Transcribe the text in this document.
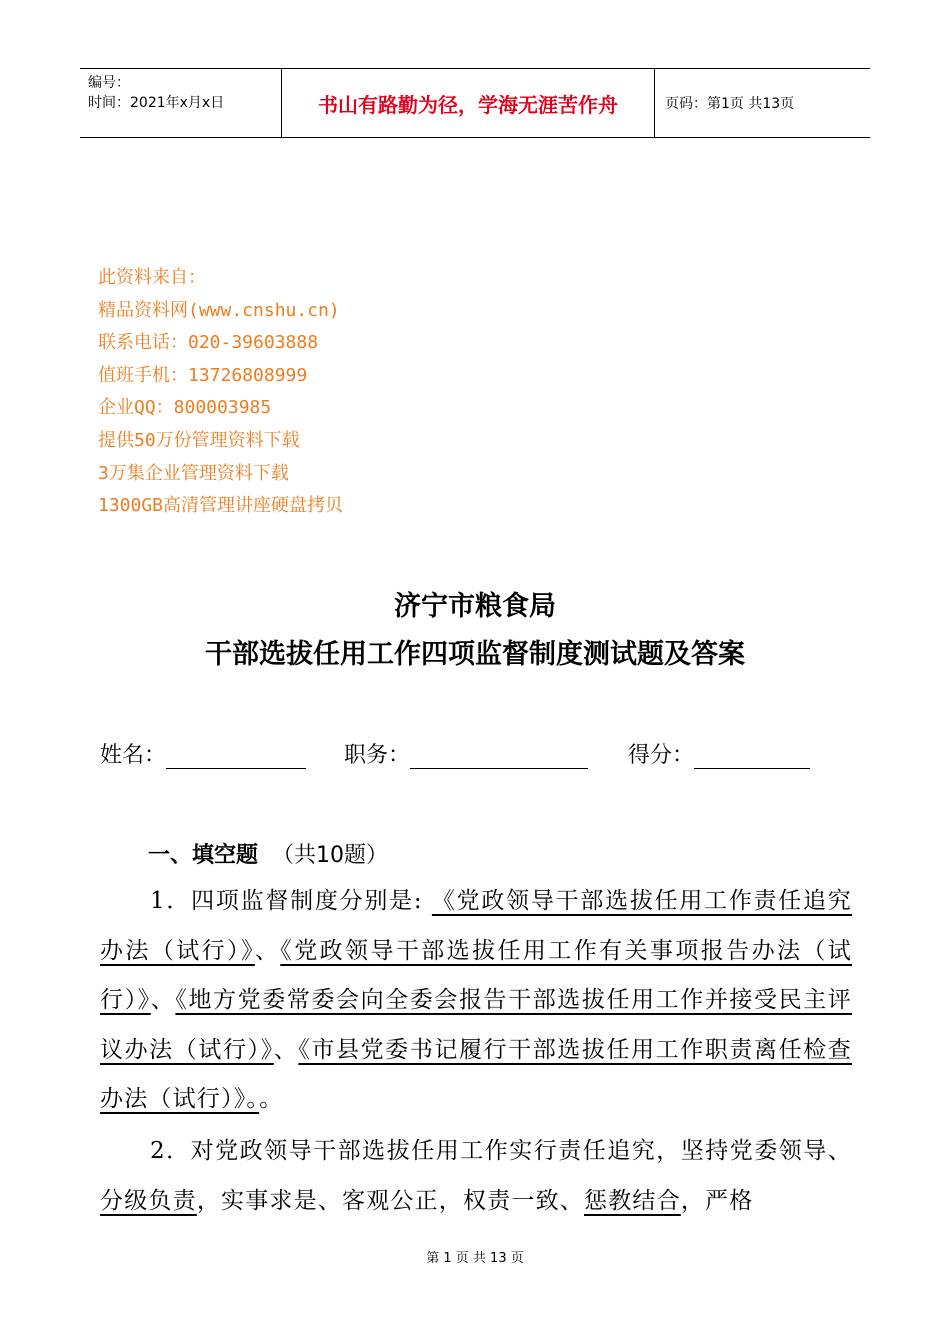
编号：
时间：2021年x月x日	书山有路勤为径，学海无涯苦作舟	页码：第1页 共13页
此资料来自：
精品资料网(www.cnshu.cn)
联系电话：020-39603888
值班手机：13726808999
企业QQ：800003985
提供50万份管理资料下载
3万集企业管理资料下载
1300GB高清管理讲座硬盘拷贝
济宁市粮食局
干部选拔任用工作四项监督制度测试题及答案
姓名：	职务：	得分：
一、填空题 （共10题）
1．四项监督制度分别是: 《党政领导干部选拔任用工作责任追究办法（试行）》、《党政领导干部选拔任用工作有关事项报告办法（试行）》、《地方党委常委会向全委会报告干部选拔任用工作并接受民主评议办法（试行）》、《市县党委书记履行干部选拔任用工作职责离任检查办法（试行）》。。
2．对党政领导干部选拔任用工作实行责任追究，坚持党委领导、分级负责，实事求是、客观公正，权责一致、惩教结合，严格
第 1 页 共 13 页
